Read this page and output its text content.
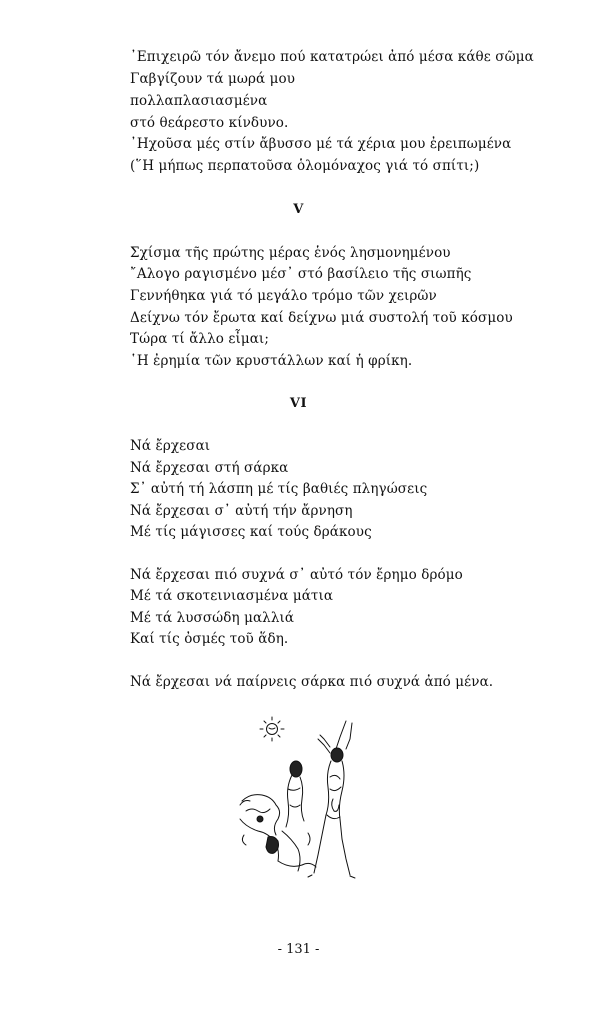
᾿Επιχειρῶ τόν ἄνεμο πού κατατρώει ἀπό μέσα κάθε σῶμα
Γαβγίζουν τά μωρά μου
πολλαπλασιασμένα
στό θεάρεστο κίνδυνο.
᾿Ηχοῦσα μές στίν ἄβυσσο μέ τά χέρια μου ἐρειπωμένα
(῞Η μήπως περπατοῦσα ὁλομόναχος γιά τό σπίτι;)
V
Σχίσμα τῆς πρώτης μέρας ἑνός λησμονημένου
῎Αλογο ραγισμένο μέσ᾿ στό βασίλειο τῆς σιωπῆς
Γεννήθηκα γιά τό μεγάλο τρόμο τῶν χειρῶν
Δείχνω τόν ἔρωτα καί δείχνω μιά συστολή τοῦ κόσμου
Τώρα τί ἄλλο εἶμαι;
῾Η ἐρημία τῶν κρυστάλλων καί ἡ φρίκη.
VI
Νά ἔρχεσαι
Νά ἔρχεσαι στή σάρκα
Σ᾿ αὐτή τή λάσπη μέ τίς βαθιές πληγώσεις
Νά ἔρχεσαι σ᾿ αὐτή τήν ἄρνηση
Μέ τίς μάγισσες καί τούς δράκους
Νά ἔρχεσαι πιό συχνά σ᾿ αὐτό τόν ἔρημο δρόμο
Μέ τά σκοτεινιασμένα μάτια
Μέ τά λυσσώδη μαλλιά
Καί τίς ὀσμές τοῦ ἅδη.
Νά ἔρχεσαι νά παίρνεις σάρκα πιό συχνά ἀπό μένα.
- 131 -
